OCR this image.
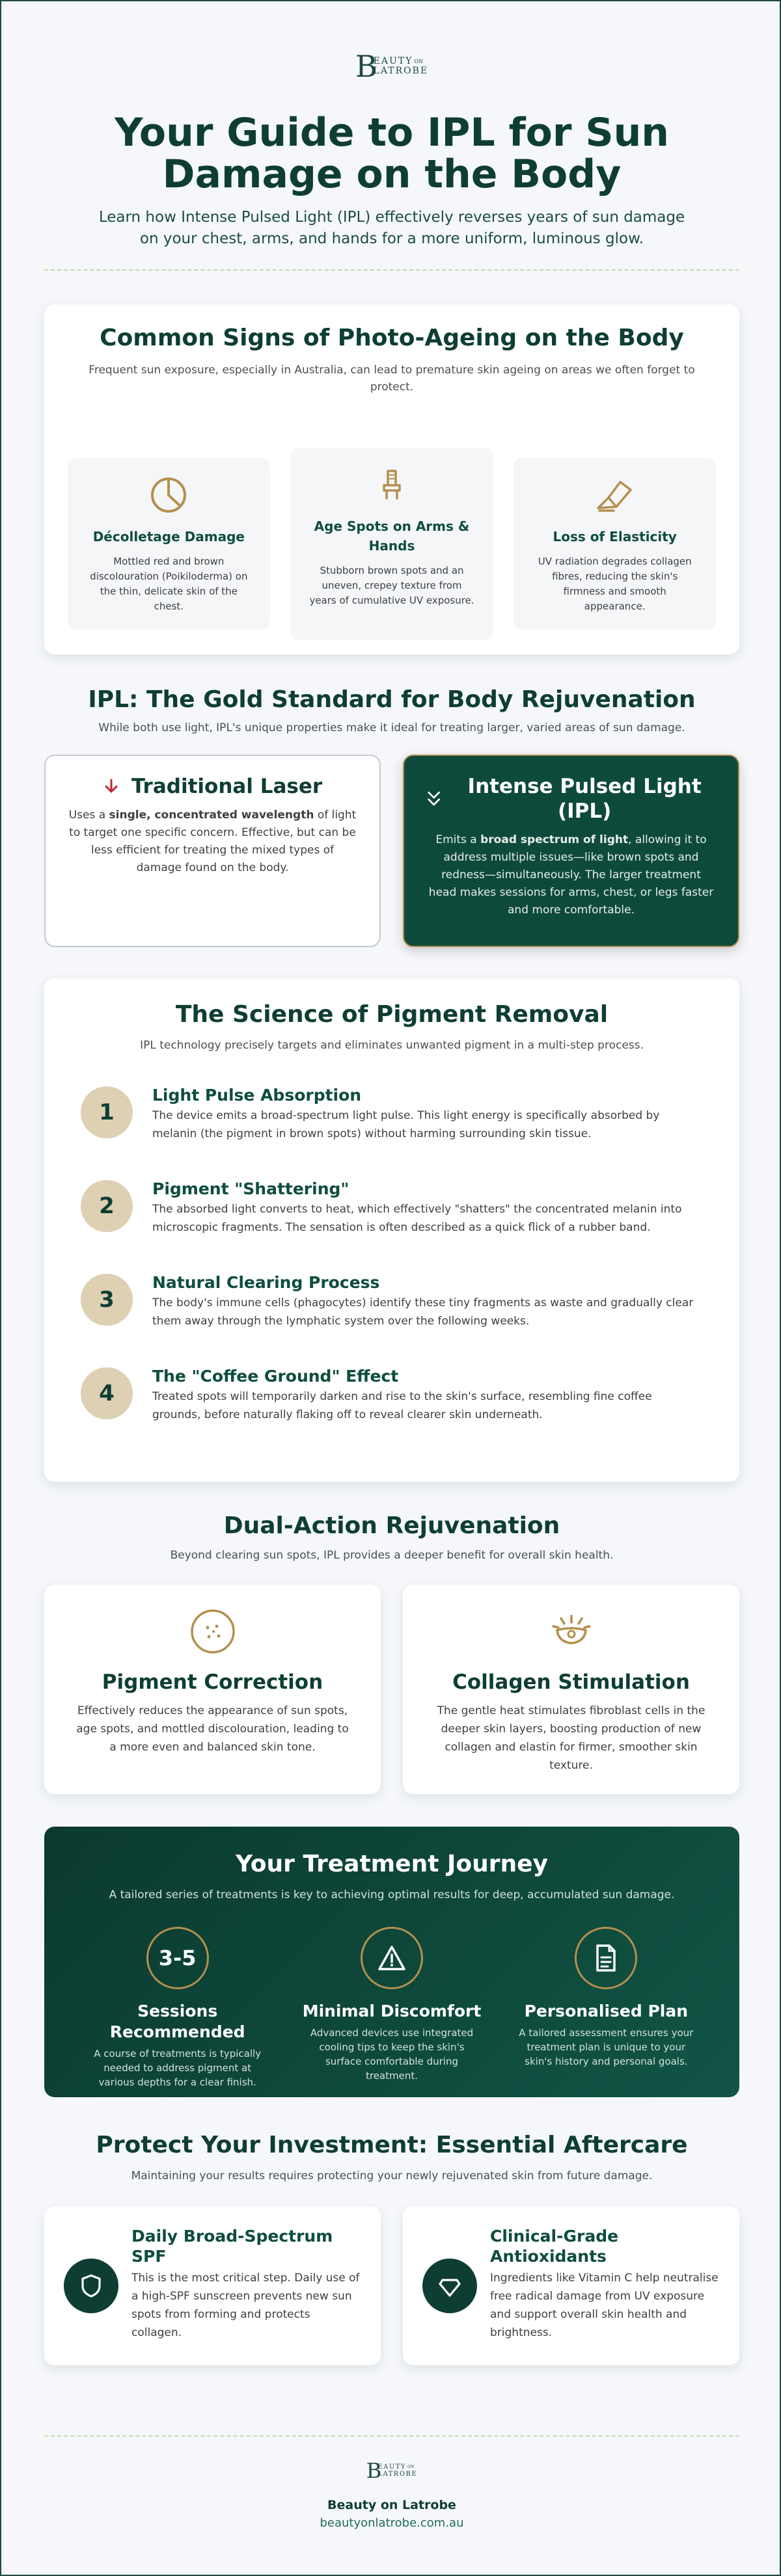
B
EAUTY ON
LATROBE
Your Guide to IPL for Sun Damage on the Body

Learn how Intense Pulsed Light (IPL) effectively reverses years of sun damage on your chest, arms, and hands for a more uniform, luminous glow.

Common Signs of Photo-Ageing on the Body

Frequent sun exposure, especially in Australia, can lead to premature skin ageing on areas we often forget to protect.

Décolletage Damage
Mottled red and brown discolouration (Poikiloderma) on the thin, delicate skin of the chest.
Age Spots on Arms & Hands
Stubborn brown spots and an uneven, crepey texture from years of cumulative UV exposure.
Loss of Elasticity
UV radiation degrades collagen fibres, reducing the skin's firmness and smooth appearance.
IPL: The Gold Standard for Body Rejuvenation

While both use light, IPL's unique properties make it ideal for treating larger, varied areas of sun damage.

Traditional Laser

Uses a single, concentrated wavelength of light to target one specific concern. Effective, but can be less efficient for treating the mixed types of damage found on the body.

Intense Pulsed Light (IPL)

Emits a broad spectrum of light, allowing it to address multiple issues—like brown spots and redness—simultaneously. The larger treatment head makes sessions for arms, chest, or legs faster and more comfortable.

The Science of Pigment Removal

IPL technology precisely targets and eliminates unwanted pigment in a multi-step process.

1
Light Pulse Absorption
The device emits a broad-spectrum light pulse. This light energy is specifically absorbed by melanin (the pigment in brown spots) without harming surrounding skin tissue.
2
Pigment "Shattering"
The absorbed light converts to heat, which effectively "shatters" the concentrated melanin into microscopic fragments. The sensation is often described as a quick flick of a rubber band.
3
Natural Clearing Process
The body's immune cells (phagocytes) identify these tiny fragments as waste and gradually clear them away through the lymphatic system over the following weeks.
4
The "Coffee Ground" Effect
Treated spots will temporarily darken and rise to the skin's surface, resembling fine coffee grounds, before naturally flaking off to reveal clearer skin underneath.
Dual-Action Rejuvenation

Beyond clearing sun spots, IPL provides a deeper benefit for overall skin health.

Pigment Correction
Effectively reduces the appearance of sun spots, age spots, and mottled discolouration, leading to a more even and balanced skin tone.
Collagen Stimulation
The gentle heat stimulates fibroblast cells in the deeper skin layers, boosting production of new collagen and elastin for firmer, smoother skin texture.
Your Treatment Journey

A tailored series of treatments is key to achieving optimal results for deep, accumulated sun damage.

3-5
Sessions Recommended
A course of treatments is typically needed to address pigment at various depths for a clear finish.
Minimal Discomfort
Advanced devices use integrated cooling tips to keep the skin's surface comfortable during treatment.
Personalised Plan
A tailored assessment ensures your treatment plan is unique to your skin's history and personal goals.
Protect Your Investment: Essential Aftercare

Maintaining your results requires protecting your newly rejuvenated skin from future damage.

Daily Broad-Spectrum SPF
This is the most critical step. Daily use of a high-SPF sunscreen prevents new sun spots from forming and protects collagen.
Clinical-Grade Antioxidants
Ingredients like Vitamin C help neutralise free radical damage from UV exposure and support overall skin health and brightness.
B
EAUTY ON
LATROBE
Beauty on Latrobe
beautyonlatrobe.com.au
